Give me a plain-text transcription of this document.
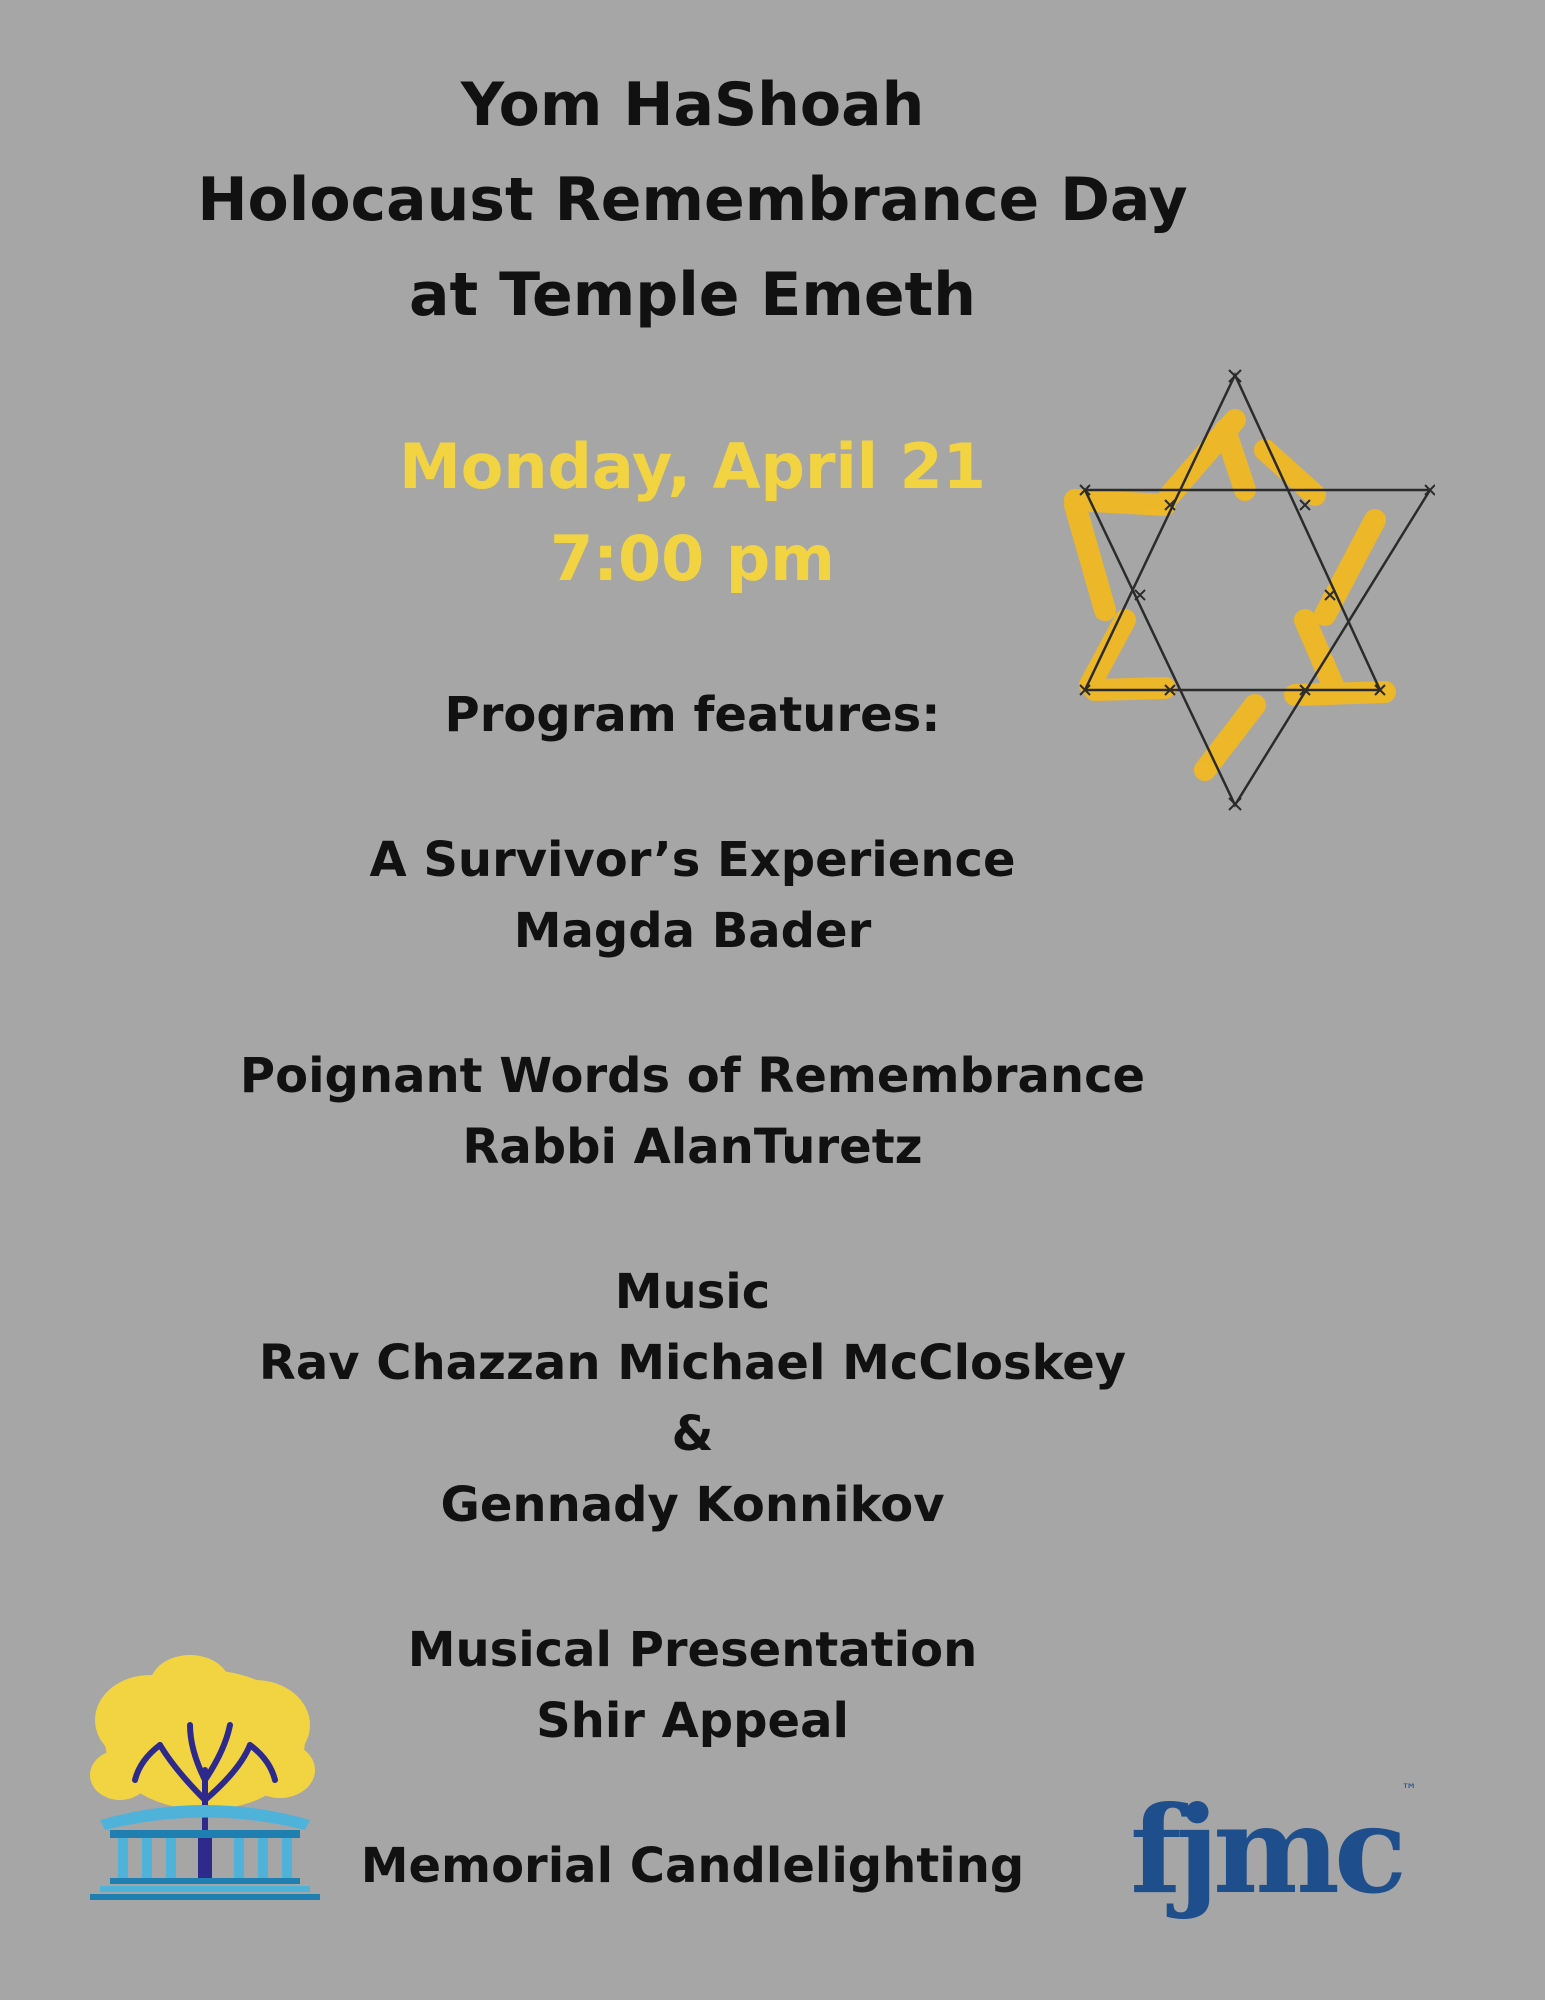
Yom HaShoah
Holocaust Remembrance Day
at Temple Emeth
Monday, April 21
7:00 pm
Program features:
A Survivor’s Experience
Magda Bader
Poignant Words of Remembrance
Rabbi AlanTuretz
Music
Rav Chazzan Michael McCloskey
&
Gennady Konnikov
Musical Presentation
Shir Appeal
Memorial Candlelighting fjmc™
